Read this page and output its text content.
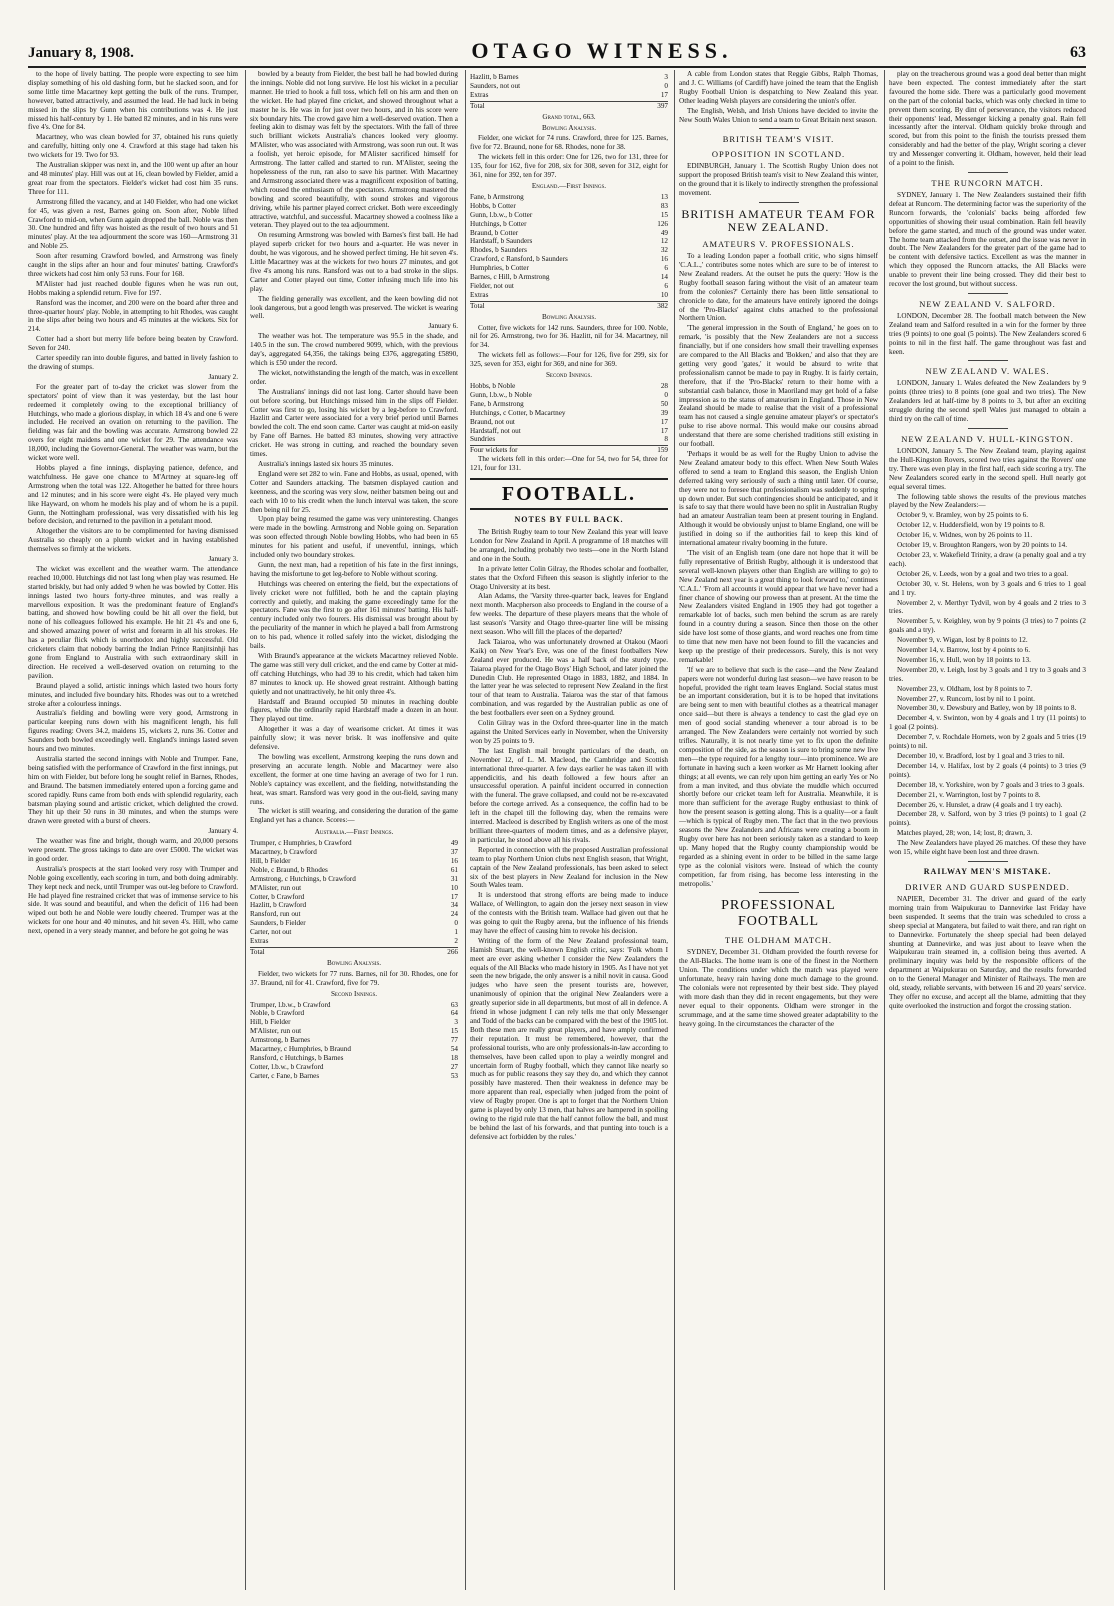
January 8, 1908.	OTAGO WITNESS.	63

to the hope of lively batting. The people were expecting to see him display something of his old dashing form, but he slacked soon, and for some little time Macartney kept getting the bulk of the runs. Trumper, however, batted attractively, and assumed the lead. He had luck in being missed in the slips by Gunn when his contributions was 4. He just missed his half-century by 1. He batted 82 minutes, and in his runs were five 4's. One for 84.

Macartney, who was clean bowled for 37, obtained his runs quietly and carefully, hitting only one 4. Crawford at this stage had taken his two wickets for 19. Two for 93.

The Australian skipper was next in, and the 100 went up after an hour and 48 minutes' play. Hill was out at 16, clean bowled by Fielder, amid a great roar from the spectators. Fielder's wicket had cost him 35 runs. Three for 111.

Armstrong filled the vacancy, and at 140 Fielder, who had one wicket for 45, was given a rest, Barnes going on. Soon after, Noble lifted Crawford to mid-on, when Gunn again dropped the ball. Noble was then 30. One hundred and fifty was hoisted as the result of two hours and 51 minutes' play. At the tea adjournment the score was 160—Armstrong 31 and Noble 25.

Soon after resuming Crawford bowled, and Armstrong was finely caught in the slips after an hour and four minutes' batting. Crawford's three wickets had cost him only 53 runs. Four for 168.

M'Alister had just reached double figures when he was run out, Hobbs making a splendid return. Five for 197.

Ransford was the incomer, and 200 were on the board after three and three-quarter hours' play. Noble, in attempting to hit Rhodes, was caught in the slips after being two hours and 45 minutes at the wickets. Six for 214.

Cotter had a short but merry life before being beaten by Crawford. Seven for 240.

Carter speedily ran into double figures, and batted in lively fashion to the drawing of stumps.

January 2.

For the greater part of to-day the cricket was slower from the spectators' point of view than it was yesterday, but the last hour redeemed it completely owing to the exceptional brilliancy of Hutchings, who made a glorious display, in which 18 4's and one 6 were included. He received an ovation on returning to the pavilion. The fielding was fair and the bowling was accurate. Armstrong bowled 22 overs for eight maidens and one wicket for 29. The attendance was 18,000, including the Governor-General. The weather was warm, but the wicket wore well.

Hobbs played a fine innings, displaying patience, defence, and watchfulness. He gave one chance to M'Artney at square-leg off Armstrong when the total was 122. Altogether he batted for three hours and 12 minutes; and in his score were eight 4's. He played very much like Hayward, on whom he models his play and of whom he is a pupil. Gunn, the Nottingham professional, was very dissatisfied with his leg before decision, and returned to the pavilion in a petulant mood.

Altogether the visitors are to be complimented for having dismissed Australia so cheaply on a plumb wicket and in having established themselves so firmly at the wickets.

January 3.

The wicket was excellent and the weather warm. The attendance reached 10,000. Hutchings did not last long when play was resumed. He started briskly, but had only added 9 when he was bowled by Cotter. His innings lasted two hours forty-three minutes, and was really a marvellous exposition. It was the predominant feature of England's batting, and showed how bowling could be hit all over the field, but none of his colleagues followed his example. He hit 21 4's and one 6, and showed amazing power of wrist and forearm in all his strokes. He has a peculiar flick which is unorthodox and highly successful. Old cricketers claim that nobody barring the Indian Prince Ranjitsinhji has gone from England to Australia with such extraordinary skill in direction. He received a well-deserved ovation on returning to the pavilion.

Braund played a solid, artistic innings which lasted two hours forty minutes, and included five boundary hits. Rhodes was out to a wretched stroke after a colourless innings.

Australia's fielding and bowling were very good, Armstrong in particular keeping runs down with his magnificent length, his full figures reading: Overs 34.2, maidens 15, wickets 2, runs 36. Cotter and Saunders both bowled exceedingly well. England's innings lasted seven hours and two minutes.

Australia started the second innings with Noble and Trumper. Fane, being satisfied with the performance of Crawford in the first innings, put him on with Fielder, but before long he sought relief in Barnes, Rhodes, and Braund. The batsmen immediately entered upon a forcing game and scored rapidly. Runs came from both ends with splendid regularity, each batsman playing sound and artistic cricket, which delighted the crowd. They hit up their 50 runs in 30 minutes, and when the stumps were drawn were greeted with a burst of cheers.

January 4.

The weather was fine and bright, though warm, and 20,000 persons were present. The gross takings to date are over £5000. The wicket was in good order.

Australia's prospects at the start looked very rosy with Trumper and Noble going excellently, each scoring in turn, and both doing admirably. They kept neck and neck, until Trumper was out-leg before to Crawford. He had played fine restrained cricket that was of immense service to his side. It was sound and beautiful, and when the deficit of 116 had been wiped out both he and Noble were loudly cheered. Trumper was at the wickets for one hour and 40 minutes, and hit seven 4's. Hill, who came next, opened in a very steady manner, and before he got going he was

bowled by a beauty from Fielder, the best ball he had bowled during the innings. Noble did not long survive. He lost his wicket in a peculiar manner. He tried to hook a full toss, which fell on his arm and then on the wicket. He had played fine cricket, and showed throughout what a master he is. He was in for just over two hours, and in his score were six boundary hits. The crowd gave him a well-deserved ovation. Then a feeling akin to dismay was felt by the spectators. With the fall of three such brilliant wickets Australia's chances looked very gloomy. M'Alister, who was associated with Armstrong, was soon run out. It was a foolish, yet heroic episode, for M'Alister sacrificed himself for Armstrong. The latter called and started to run. M'Alister, seeing the hopelessness of the run, ran also to save his partner. With Macartney and Armstrong associated there was a magnificent exposition of batting, which roused the enthusiasm of the spectators. Armstrong mastered the bowling and scored beautifully, with sound strokes and vigorous driving, while his partner played correct cricket. Both were exceedingly attractive, watchful, and successful. Macartney showed a coolness like a veteran. They played out to the tea adjournment.

On resuming Armstrong was bowled with Barnes's first ball. He had played superb cricket for two hours and a-quarter. He was never in doubt, he was vigorous, and he showed perfect timing. He hit seven 4's. Little Macartney was at the wickets for two hours 27 minutes, and got five 4's among his runs. Ransford was out to a bad stroke in the slips. Carter and Cotter played out time, Cotter infusing much life into his play.

The fielding generally was excellent, and the keen bowling did not look dangerous, but a good length was preserved. The wicket is wearing well.

January 6.

The weather was hot. The temperature was 95.5 in the shade, and 140.5 in the sun. The crowd numbered 9099, which, with the previous day's, aggregated 64,356, the takings being £376, aggregating £5890, which is £50 under the record.

The wicket, notwithstanding the length of the match, was in excellent order.

The Australians' innings did not last long. Carter should have been out before scoring, but Hutchings missed him in the slips off Fielder. Cotter was first to go, losing his wicket by a leg-before to Crawford. Hazlitt and Carter were associated for a very brief period until Barnes bowled the colt. The end soon came. Carter was caught at mid-on easily by Fane off Barnes. He batted 83 minutes, showing very attractive cricket. He was strong in cutting, and reached the boundary seven times.

Australia's innings lasted six hours 35 minutes.

England were set 282 to win. Fane and Hobbs, as usual, opened, with Cotter and Saunders attacking. The batsmen displayed caution and keenness, and the scoring was very slow, neither batsmen being out and each with 10 to his credit when the lunch interval was taken, the score then being nil for 25.

Upon play being resumed the game was very uninteresting. Changes were made in the bowling. Armstrong and Noble going on. Separation was soon effected through Noble bowling Hobbs, who had been in 65 minutes for his patient and useful, if uneventful, innings, which included only two boundary strokes.

Gunn, the next man, had a repetition of his fate in the first innings, having the misfortune to get leg-before to Noble without scoring.

Hutchings was cheered on entering the field, but the expectations of lively cricket were not fulfilled, both he and the captain playing correctly and quietly, and making the game exceedingly tame for the spectators. Fane was the first to go after 161 minutes' batting. His half-century included only two fourers. His dismissal was brought about by the peculiarity of the manner in which he played a ball from Armstrong on to his pad, whence it rolled safely into the wicket, dislodging the bails.

With Braund's appearance at the wickets Macartney relieved Noble. The game was still very dull cricket, and the end came by Cotter at mid-off catching Hutchings, who had 39 to his credit, which had taken him 87 minutes to knock up. He showed great restraint. Although batting quietly and not unattractively, he hit only three 4's.

Hardstaff and Braund occupied 50 minutes in reaching double figures, while the ordinarily rapid Hardstaff made a dozen in an hour. They played out time.

Altogether it was a day of wearisome cricket. At times it was painfully slow; it was never brisk. It was inoffensive and quite defensive.

The bowling was excellent, Armstrong keeping the runs down and preserving an accurate length. Noble and Macartney were also excellent, the former at one time having an average of two for 1 run. Noble's captaincy was excellent, and the fielding, notwithstanding the heat, was smart. Ransford was very good in the out-field, saving many runs.

The wicket is still wearing, and considering the duration of the game England yet has a chance. Scores:—

Australia.—First Innings.
Trumper, c Humphries, b Crawford	49
Macartney, b Crawford	37
Hill, b Fielder	16
Noble, c Braund, b Rhodes	61
Armstrong, c Hutchings, b Crawford	31
M'Alister, run out	10
Cotter, b Crawford	17
Hazlitt, b Crawford	34
Ransford, run out	24
Saunders, b Fielder	0
Carter, not out	1
Extras	2
Total	266
Bowling Analysis.

Fielder, two wickets for 77 runs. Barnes, nil for 30. Rhodes, one for 37. Braund, nil for 41. Crawford, five for 79.

Second Innings.
Trumper, l.b.w., b Crawford	63
Noble, b Crawford	64
Hill, b Fielder	3
M'Alister, run out	15
Armstrong, b Barnes	77
Macartney, c Humphries, b Braund	54
Ransford, c Hutchings, b Barnes	18
Cotter, l.b.w., b Crawford	27
Carter, c Fane, b Barnes	53
Hazlitt, b Barnes	3
Saunders, not out	0
Extras	17
Total	397
Grand total, 663.
Bowling Analysis.

Fielder, one wicket for 74 runs. Crawford, three for 125. Barnes, five for 72. Braund, none for 68. Rhodes, none for 38.

The wickets fell in this order: One for 126, two for 131, three for 135, four for 162, five for 208, six for 308, seven for 312, eight for 361, nine for 392, ten for 397.

England.—First Innings.
Fane, b Armstrong	13
Hobbs, b Cotter	83
Gunn, l.b.w., b Cotter	15
Hutchings, b Cotter	126
Braund, b Cotter	49
Hardstaff, b Saunders	12
Rhodes, b Saunders	32
Crawford, c Ransford, b Saunders	16
Humphries, b Cotter	6
Barnes, c Hill, b Armstrong	14
Fielder, not out	6
Extras	10
Total	382
Bowling Analysis.

Cotter, five wickets for 142 runs. Saunders, three for 100. Noble, nil for 26. Armstrong, two for 36. Hazlitt, nil for 34. Macartney, nil for 34.

The wickets fell as follows:—Four for 126, five for 299, six for 325, seven for 353, eight for 369, and nine for 369.

Second Innings.
Hobbs, b Noble	28
Gunn, l.b.w., b Noble	0
Fane, b Armstrong	50
Hutchings, c Cotter, b Macartney	39
Braund, not out	17
Hardstaff, not out	17
Sundries	8
Four wickets for	159

The wickets fell in this order:—One for 54, two for 54, three for 121, four for 131.

FOOTBALL.

NOTES BY FULL BACK.

The British Rugby team to tour New Zealand this year will leave London for New Zealand in April. A programme of 18 matches will be arranged, including probably two tests—one in the North Island and one in the South.

In a private letter Colin Gilray, the Rhodes scholar and footballer, states that the Oxford Fifteen this season is slightly inferior to the Otago University at its best.

Alan Adams, the 'Varsity three-quarter back, leaves for England next month. Macpherson also proceeds to England in the course of a few weeks. The departure of these players means that the whole of last season's 'Varsity and Otago three-quarter line will be missing next season. Who will fill the places of the departed?

Jack Taiaroa, who was unfortunately drowned at Otakou (Maori Kaik) on New Year's Eve, was one of the finest footballers New Zealand ever produced. He was a half back of the sturdy type. Taiaroa played for the Otago Boys' High School, and later joined the Dunedin Club. He represented Otago in 1883, 1882, and 1884. In the latter year he was selected to represent New Zealand in the first tour of that team to Australia. Taiaroa was the star of that famous combination, and was regarded by the Australian public as one of the best footballers ever seen on a Sydney ground.

Colin Gilray was in the Oxford three-quarter line in the match against the United Services early in November, when the University won by 25 points to 9.

The last English mail brought particulars of the death, on November 12, of L. M. Macleod, the Cambridge and Scottish international three-quarter. A few days earlier he was taken ill with appendicitis, and his death followed a few hours after an unsuccessful operation. A painful incident occurred in connection with the funeral. The grave collapsed, and could not be re-excavated before the cortege arrived. As a consequence, the coffin had to be left in the chapel till the following day, when the remains were interred. Macleod is described by English writers as one of the most brilliant three-quarters of modern times, and as a defensive player, in particular, he stood above all his rivals.

Reported in connection with the proposed Australian professional team to play Northern Union clubs next English season, that Wright, captain of the New Zealand professionals, has been asked to select six of the best players in New Zealand for inclusion in the New South Wales team.

It is understood that strong efforts are being made to induce Wallace, of Wellington, to again don the jersey next season in view of the contests with the British team. Wallace had given out that he was going to quit the Rugby arena, but the influence of his friends may have the effect of causing him to revoke his decision.

Writing of the form of the New Zealand professional team, Hamish Stuart, the well-known English critic, says: 'Folk whom I meet are ever asking whether I consider the New Zealanders the equals of the All Blacks who made history in 1905. As I have not yet seen the new brigade, the only answer is a nihil novit in causa. Good judges who have seen the present tourists are, however, unanimously of opinion that the original New Zealanders were a greatly superior side in all departments, but most of all in defence. A friend in whose judgment I can rely tells me that only Messenger and Todd of the backs can be compared with the best of the 1905 lot. Both these men are really great players, and have amply confirmed their reputation. It must be remembered, however, that the professional tourists, who are only professionals-in-law according to themselves, have been called upon to play a weirdly mongrel and uncertain form of Rugby football, which they cannot like nearly so much as for public reasons they say they do, and which they cannot possibly have mastered. Then their weakness in defence may be more apparent than real, especially when judged from the point of view of Rugby proper. One is apt to forget that the Northern Union game is played by only 13 men, that halves are hampered in spoiling owing to the rigid rule that the half cannot follow the ball, and must be behind the last of his forwards, and that punting into touch is a defensive act forbidden by the rules.'

A cable from London states that Reggie Gibbs, Ralph Thomas, and J. C. Williams (of Cardiff) have joined the team that the English Rugby Football Union is despatching to New Zealand this year. Other leading Welsh players are considering the union's offer.

The English, Welsh, and Irish Unions have decided to invite the New South Wales Union to send a team to Great Britain next season.

BRITISH TEAM'S VISIT.

OPPOSITION IN SCOTLAND.

EDINBURGH, January 1. The Scottish Rugby Union does not support the proposed British team's visit to New Zealand this winter, on the ground that it is likely to indirectly strengthen the professional movement.

BRITISH AMATEUR TEAM FOR NEW ZEALAND.

AMATEURS V. PROFESSIONALS.

To a leading London paper a football critic, who signs himself 'C.A.L.,' contributes some notes which are sure to be of interest to New Zealand readers. At the outset he puts the query: 'How is the Rugby football season faring without the visit of an amateur team from the colonies?' Certainly there has been little sensational to chronicle to date, for the amateurs have entirely ignored the doings of the 'Pro-Blacks' against clubs attached to the professional Northern Union.

'The general impression in the South of England,' he goes on to remark, 'is possibly that the New Zealanders are not a success financially, but if one considers how small their travelling expenses are compared to the All Blacks and 'Bokken,' and also that they are getting very good 'gates,' it would be absurd to write that professionalism cannot be made to pay in Rugby. It is fairly certain, therefore, that if the 'Pro-Blacks' return to their home with a substantial cash balance, those in Maoriland may get hold of a false impression as to the status of amateurism in England. Those in New Zealand should be made to realise that the visit of a professional team has not caused a single genuine amateur player's or spectator's pulse to rise above normal. This would make our cousins abroad understand that there are some cherished traditions still existing in our football.

'Perhaps it would be as well for the Rugby Union to advise the New Zealand amateur body to this effect. When New South Wales offered to send a team to England this season, the English Union deferred taking very seriously of such a thing until later. Of course, they were not to foresee that professionalism was suddenly to spring up down under. But such contingencies should be anticipated, and it is safe to say that there would have been no split in Australian Rugby had an amateur Australian team been at present touring in England. Although it would be obviously unjust to blame England, one will be justified in doing so if the authorities fail to keep this kind of international amateur rivalry booming in the future.

'The visit of an English team (one dare not hope that it will be fully representative of British Rugby, although it is understood that several well-known players other than English are willing to go) to New Zealand next year is a great thing to look forward to,' continues 'C.A.L.' 'From all accounts it would appear that we have never had a finer chance of showing our prowess than at present. At the time the New Zealanders visited England in 1905 they had got together a remarkable lot of backs, such men behind the scrum as are rarely found in a country during a season. Since then those on the other side have lost some of those giants, and word reaches one from time to time that new men have not been found to fill the vacancies and keep up the prestige of their predecessors. Surely, this is not very remarkable!

'If we are to believe that such is the case—and the New Zealand papers were not wonderful during last season—we have reason to be hopeful, provided the right team leaves England. Social status must be an important consideration, but it is to be hoped that invitations are being sent to men with beautiful clothes as a theatrical manager once said—but there is always a tendency to cast the glad eye on men of good social standing whenever a tour abroad is to be arranged. The New Zealanders were certainly not worried by such trifles. Naturally, it is not nearly time yet to fix upon the definite composition of the side, as the season is sure to bring some new live men—the type required for a lengthy tour—into prominence. We are fortunate in having such a keen worker as Mr Harnett looking after things; at all events, we can rely upon him getting an early Yes or No from a man invited, and thus obviate the muddle which occurred shortly before our cricket team left for Australia. Meanwhile, it is more than sufficient for the average Rugby enthusiast to think of how the present season is getting along. This is a quality—or a fault—which is typical of Rugby men. The fact that in the two previous seasons the New Zealanders and Africans were creating a boom in Rugby over here has not been seriously taken as a standard to keep up. Many hoped that the Rugby county championship would be regarded as a shining event in order to be billed in the same large type as the colonial visitors were. Instead of which the county competition, far from rising, has become less interesting in the metropolis.'

PROFESSIONAL FOOTBALL

THE OLDHAM MATCH.

SYDNEY, December 31. Oldham provided the fourth reverse for the All-Blacks. The home team is one of the finest in the Northern Union. The conditions under which the match was played were unfortunate, heavy rain having done much damage to the ground. The colonials were not represented by their best side. They played with more dash than they did in recent engagements, but they were never equal to their opponents. Oldham were stronger in the scrummage, and at the same time showed greater adaptability to the heavy going. In the circumstances the character of the

play on the treacherous ground was a good deal better than might have been expected. The contest immediately after the start favoured the home side. There was a particularly good movement on the part of the colonial backs, which was only checked in time to prevent them scoring. By dint of perseverance, the visitors reduced their opponents' lead, Messenger kicking a penalty goal. Rain fell incessantly after the interval. Oldham quickly broke through and scored, but from this point to the finish the tourists pressed them considerably and had the better of the play, Wright scoring a clever try and Messenger converting it. Oldham, however, held their lead of a point to the finish.

THE RUNCORN MATCH.

SYDNEY, January 1. The New Zealanders sustained their fifth defeat at Runcorn. The determining factor was the superiority of the Runcorn forwards, the 'colonials' backs being afforded few opportunities of showing their usual combination. Rain fell heavily before the game started, and much of the ground was under water. The home team attacked from the outset, and the issue was never in doubt. The New Zealanders for the greater part of the game had to be content with defensive tactics. Excellent as was the manner in which they opposed the Runcorn attacks, the All Blacks were unable to prevent their line being crossed. They did their best to recover the lost ground, but without success.

NEW ZEALAND V. SALFORD.

LONDON, December 28. The football match between the New Zealand team and Salford resulted in a win for the former by three tries (9 points) to one goal (5 points). The New Zealanders scored 6 points to nil in the first half. The game throughout was fast and keen.

NEW ZEALAND V. WALES.

LONDON, January 1. Wales defeated the New Zealanders by 9 points (three tries) to 8 points (one goal and two tries). The New Zealanders led at half-time by 8 points to 3, but after an exciting struggle during the second spell Wales just managed to obtain a third try on the call of time.

NEW ZEALAND V. HULL-KINGSTON.

LONDON, January 5. The New Zealand team, playing against the Hull-Kingston Rovers, scored two tries against the Rovers' one try. There was even play in the first half, each side scoring a try. The New Zealanders scored early in the second spell. Hull nearly got equal several times.

The following table shows the results of the previous matches played by the New Zealanders:—

October 9, v. Bramley, won by 25 points to 6.

October 12, v. Huddersfield, won by 19 points to 8.

October 16, v. Widnes, won by 26 points to 11.

October 19, v. Broughton Rangers, won by 20 points to 14.

October 23, v. Wakefield Trinity, a draw (a penalty goal and a try each).

October 26, v. Leeds, won by a goal and two tries to a goal.

October 30, v. St. Helens, won by 3 goals and 6 tries to 1 goal and 1 try.

November 2, v. Merthyr Tydvil, won by 4 goals and 2 tries to 3 tries.

November 5, v. Keighley, won by 9 points (3 tries) to 7 points (2 goals and a try).

November 9, v. Wigan, lost by 8 points to 12.

November 14, v. Barrow, lost by 4 points to 6.

November 16, v. Hull, won by 18 points to 13.

November 20, v. Leigh, lost by 3 goals and 1 try to 3 goals and 3 tries.

November 23, v. Oldham, lost by 8 points to 7.

November 27, v. Runcorn, lost by nil to 1 point.

November 30, v. Dewsbury and Batley, won by 18 points to 8.

December 4, v. Swinton, won by 4 goals and 1 try (11 points) to 1 goal (2 points).

December 7, v. Rochdale Hornets, won by 2 goals and 5 tries (19 points) to nil.

December 10, v. Bradford, lost by 1 goal and 3 tries to nil.

December 14, v. Halifax, lost by 2 goals (4 points) to 3 tries (9 points).

December 18, v. Yorkshire, won by 7 goals and 3 tries to 3 goals.

December 21, v. Warrington, lost by 7 points to 8.

December 26, v. Hunslet, a draw (4 goals and 1 try each).

December 28, v. Salford, won by 3 tries (9 points) to 1 goal (2 points).

Matches played, 28; won, 14; lost, 8; drawn, 3.

The New Zealanders have played 26 matches. Of these they have won 15, while eight have been lost and three drawn.

RAILWAY MEN'S MISTAKE.

DRIVER AND GUARD SUSPENDED.

NAPIER, December 31. The driver and guard of the early morning train from Waipukurau to Dannevirke last Friday have been suspended. It seems that the train was scheduled to cross a sheep special at Mangatera, but failed to wait there, and ran right on to Dannevirke. Fortunately the sheep special had been delayed shunting at Dannevirke, and was just about to leave when the Waipukurau train steamed in, a collision being thus averted. A preliminary inquiry was held by the responsible officers of the department at Waipukurau on Saturday, and the results forwarded on to the General Manager and Minister of Railways. The men are old, steady, reliable servants, with between 16 and 20 years' service. They offer no excuse, and accept all the blame, admitting that they quite overlooked the instruction and forgot the crossing station.
